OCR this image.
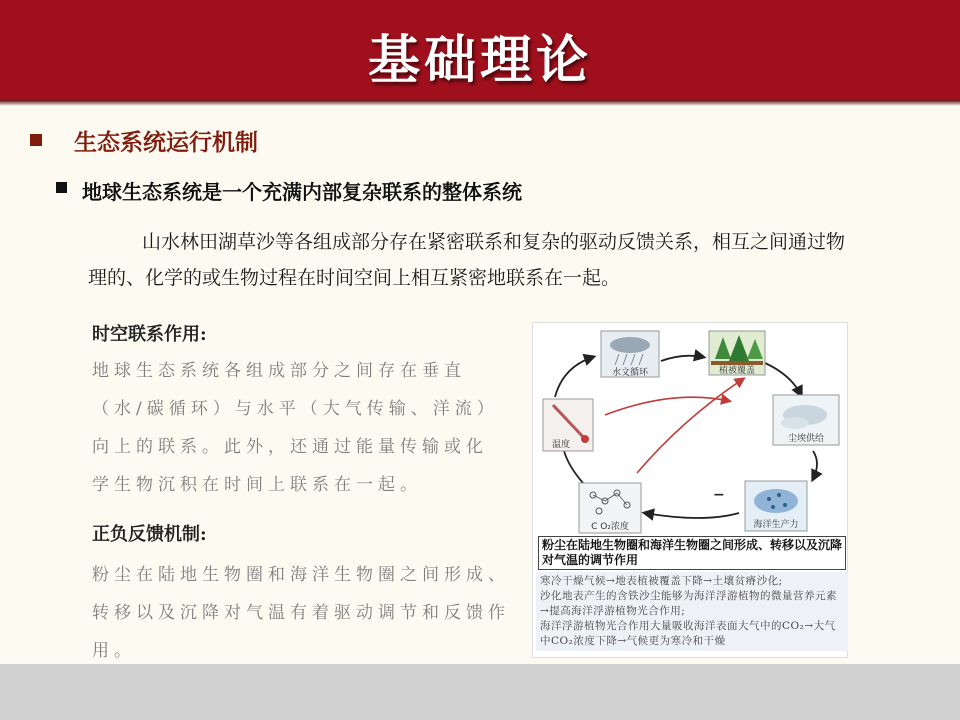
基础理论
生态系统运行机制
地球生态系统是一个充满内部复杂联系的整体系统

山水林田湖草沙等各组成部分存在紧密联系和复杂的驱动反馈关系，相互之间通过物理的、化学的或生物过程在时间空间上相互紧密地联系在一起。

时空联系作用:
地球生态系统各组成部分之间存在垂直（水/碳循环）与水平（大气传输、洋流）向上的联系。此外，还通过能量传输或化学生物沉积在时间上联系在一起。
正负反馈机制:
粉尘在陆地生物圈和海洋生物圈之间形成、转移以及沉降对气温有着驱动调节和反馈作用。
水文循环	植被覆盖
尘埃供给
海洋生产力
C O₂浓度
温度
−
粉尘在陆地生物圈和海洋生物圈之间形成、转移以及沉降对气温的调节作用
寒冷干燥气候→地表植被覆盖下降→土壤贫瘠沙化;
沙化地表产生的含铁沙尘能够为海洋浮游植物的微量营养元素→提高海洋浮游植物光合作用;
海洋浮游植物光合作用大量吸收海洋表面大气中的CO₂→大气中CO₂浓度下降→气候更为寒冷和干燥
